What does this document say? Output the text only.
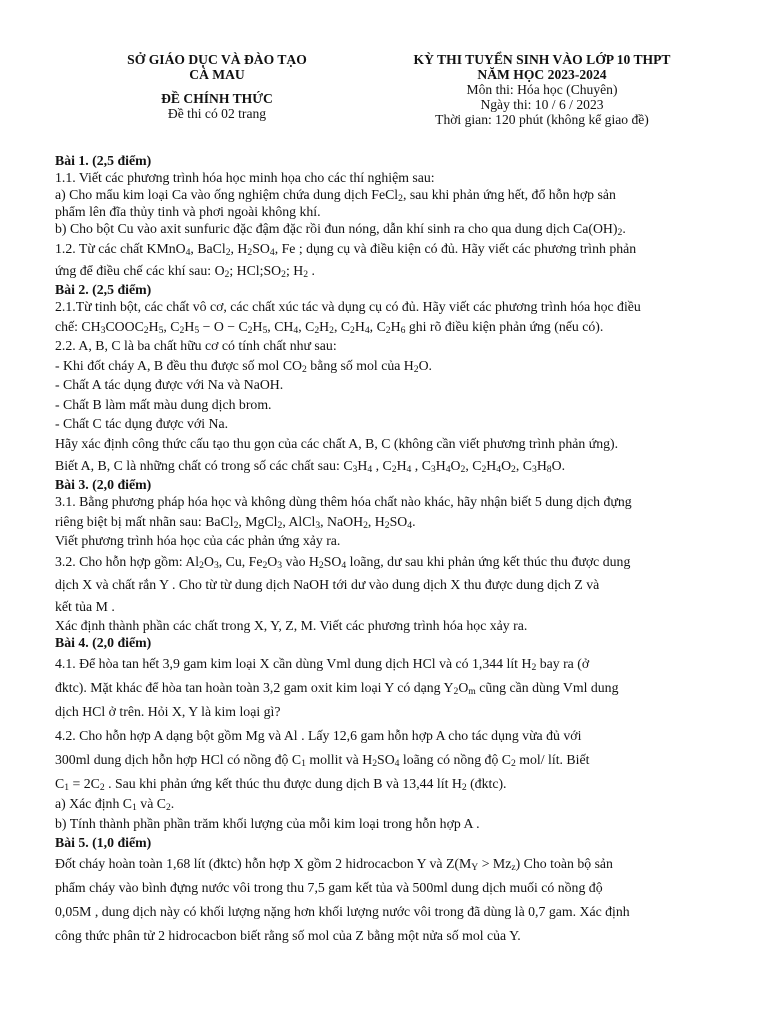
SỞ GIÁO DỤC VÀ ĐÀO TẠO
CÀ MAU
ĐỀ CHÍNH THỨC
Đề thi có 02 trang
KỲ THI TUYỂN SINH VÀO LỚP 10 THPT
NĂM HỌC 2023-2024
Môn thi: Hóa học (Chuyên)
Ngày thi: 10 / 6 / 2023
Thời gian: 120 phút (không kể giao đề)
Bài 1. (2,5 điểm)
1.1. Viết các phương trình hóa học minh họa cho các thí nghiệm sau:
a) Cho mẩu kim loại Ca vào ống nghiệm chứa dung dịch FeCl$_2$, sau khi phản ứng hết, đổ hỗn hợp sản
phẩm lên đĩa thủy tinh và phơi ngoài không khí.
b) Cho bột Cu vào axit sunfuric đặc đậm đặc rồi đun nóng, dẫn khí sinh ra cho qua dung dịch $Ca(OH)_2$.
1.2. Từ các chất KMnO$_4$, BaCl$_2$, $H_2SO_4$, Fe ; dụng cụ và điều kiện có đủ. Hãy viết các phương trình phản
ứng để điều chế các khí sau: $O_2$; $HCl;SO_2$; $H_2$ .
Bài 2. (2,5 điểm)
2.1.Từ tinh bột, các chất vô cơ, các chất xúc tác và dụng cụ có đủ. Hãy viết các phương trình hóa học điều
chế: $CH_3COOC_2H_5$, $C_2H_5 - O - C_2H_5$, $CH_4$, $C_2H_2$, $C_2H_4$, $C_2H_6$ ghi rõ điều kiện phản ứng (nếu có).
2.2. A, B, C là ba chất hữu cơ có tính chất như sau:
- Khi đốt cháy A, B đều thu được số mol $CO_2$ bằng số mol của $H_2O$.
- Chất A tác dụng được với Na và NaOH.
- Chất B làm mất màu dung dịch brom.
- Chất C tác dụng được với Na.
Hãy xác định công thức cấu tạo thu gọn của các chất A, B, C (không cần viết phương trình phản ứng).
Biết A, B, C là những chất có trong số các chất sau: $C_3H_4$ , $C_2H_4$ , $C_3H_4O_2$, $C_2H_4O_2$, $C_3H_8O$.
Bài 3. (2,0 điểm)
3.1. Bằng phương pháp hóa học và không dùng thêm hóa chất nào khác, hãy nhận biết 5 dung dịch đựng
riêng biệt bị mất nhãn sau: BaCl$_2$, MgCl$_2$, AlCl$_3$, NaOH$_2$, $H_2SO_4$.
Viết phương trình hóa học của các phản ứng xảy ra.
3.2. Cho hỗn hợp gồm: $Al_2O_3$, Cu, $Fe_2O_3$ vào $H_2SO_4$ loãng, dư sau khi phản ứng kết thúc thu được dung
dịch X và chất rắn Y . Cho từ từ dung dịch NaOH tới dư vào dung dịch X thu được dung dịch Z và
kết tủa M .
Xác định thành phần các chất trong X, Y, Z, M. Viết các phương trình hóa học xảy ra.
Bài 4. (2,0 điểm)
4.1. Để hòa tan hết 3,9 gam kim loại X cần dùng Vml dung dịch HCl và có 1,344 lít $H_2$ bay ra (ở
đktc). Mặt khác để hòa tan hoàn toàn 3,2 gam oxit kim loại Y có dạng $Y_2O_m$ cũng cần dùng Vml dung
dịch HCl ở trên. Hỏi X, Y là kim loại gì?
4.2. Cho hỗn hợp A dạng bột gồm Mg và Al . Lấy 12,6 gam hỗn hợp A cho tác dụng vừa đủ với
300ml dung dịch hỗn hợp HCl có nồng độ $C_1$ mollit và $H_2SO_4$ loãng có nồng độ $C_2$ mol/ lít. Biết
$C_1 = 2C_2$ . Sau khi phản ứng kết thúc thu được dung dịch B và 13,44 lít $H_2$ (đktc).
a) Xác định $C_1$ và $C_2$.
b) Tính thành phần phần trăm khối lượng của mỗi kim loại trong hỗn hợp A .
Bài 5. (1,0 điểm)
Đốt cháy hoàn toàn 1,68 lít (đktc) hỗn hợp X gồm 2 hidrocacbon Y và $Z(M_Y > Mz_z)$ Cho toàn bộ sản
phẩm cháy vào bình đựng nước vôi trong thu 7,5 gam kết tủa và 500ml dung dịch muối có nồng độ
0,05M , dung dịch này có khối lượng nặng hơn khối lượng nước vôi trong đã dùng là 0,7 gam. Xác định
công thức phân tử 2 hidrocacbon biết rằng số mol của Z bằng một nửa số mol của Y.
